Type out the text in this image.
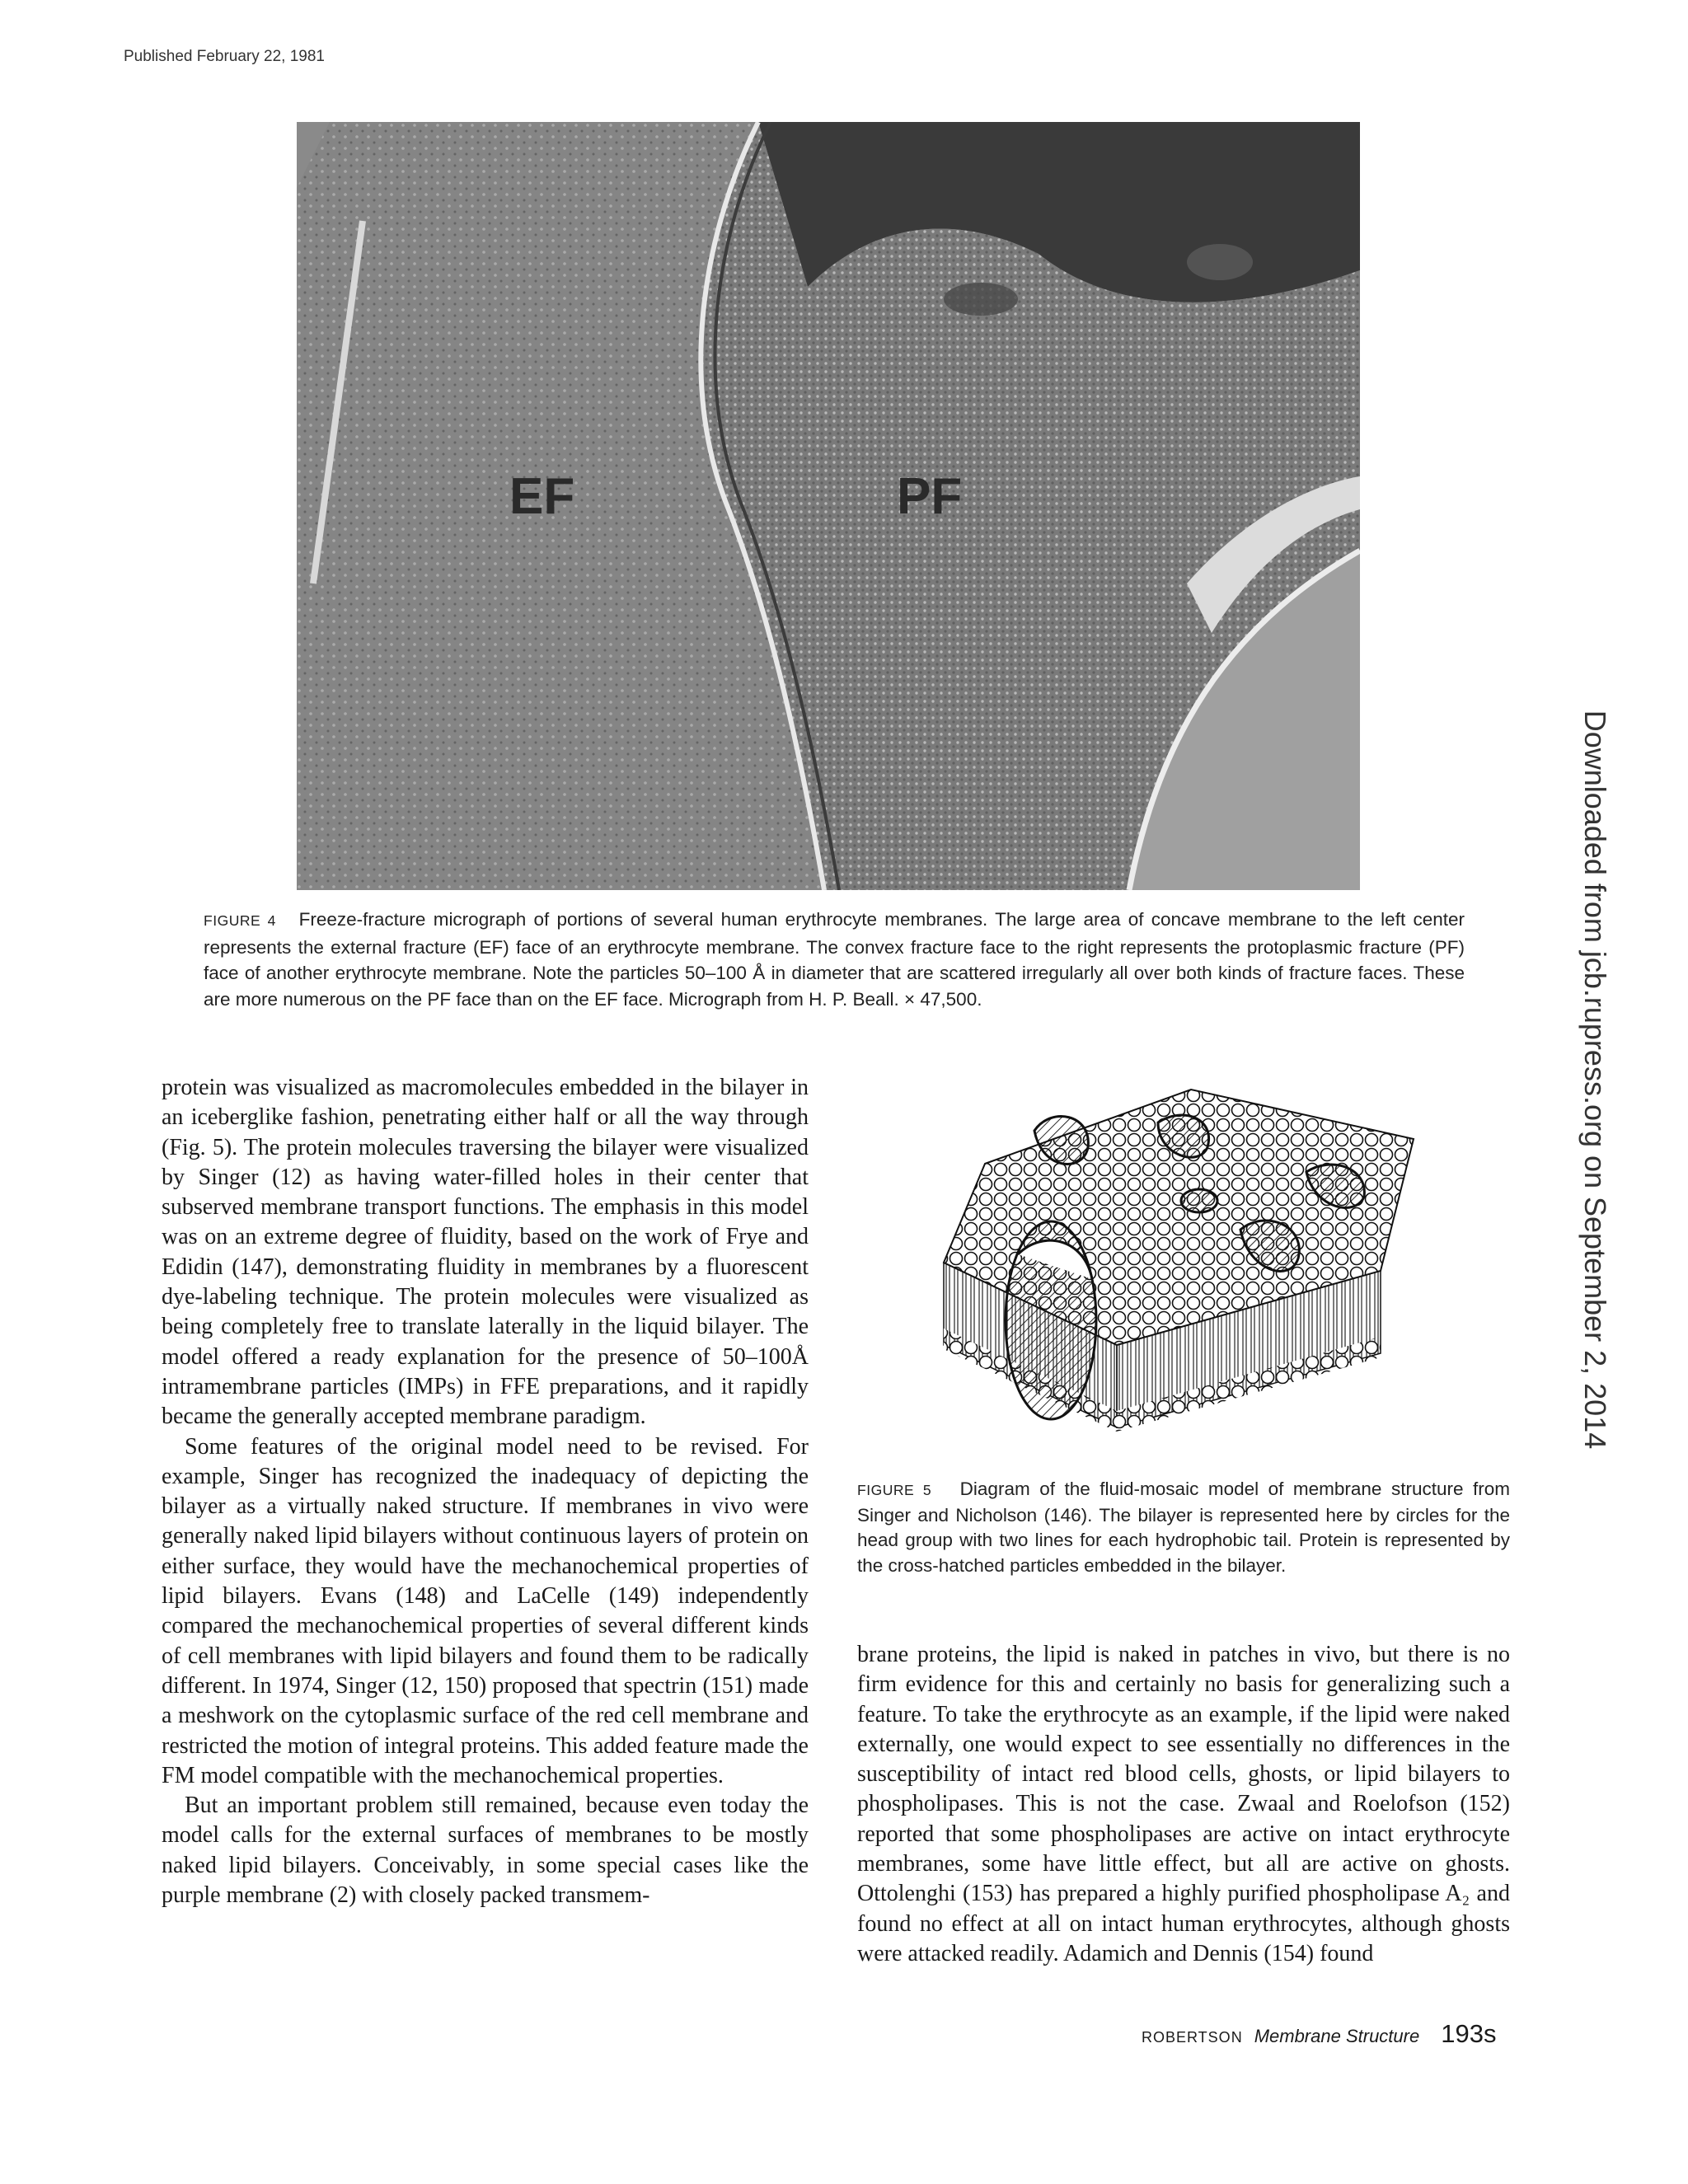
Published February 22, 1981
Downloaded from jcb.rupress.org on September 2, 2014
EF	PF
FIGURE 4 Freeze-fracture micrograph of portions of several human erythrocyte membranes. The large area of concave membrane to the left center represents the external fracture (EF) face of an erythrocyte membrane. The convex fracture face to the right represents the protoplasmic fracture (PF) face of another erythrocyte membrane. Note the particles 50–100 Å in diameter that are scattered irregularly all over both kinds of fracture faces. These are more numerous on the PF face than on the EF face. Micrograph from H. P. Beall. × 47,500.

protein was visualized as macromolecules embedded in the bilayer in an iceberglike fashion, penetrating either half or all the way through (Fig. 5). The protein molecules traversing the bilayer were visualized by Singer (12) as having water-filled holes in their center that subserved membrane transport functions. The emphasis in this model was on an extreme degree of fluidity, based on the work of Frye and Edidin (147), demonstrating fluidity in membranes by a fluorescent dye-labeling technique. The protein molecules were visualized as being completely free to translate laterally in the liquid bilayer. The model offered a ready explanation for the presence of 50–100Å intramembrane particles (IMPs) in FFE preparations, and it rapidly became the generally accepted membrane paradigm.

Some features of the original model need to be revised. For example, Singer has recognized the inadequacy of depicting the bilayer as a virtually naked structure. If membranes in vivo were generally naked lipid bilayers without continuous layers of protein on either surface, they would have the mechanochemical properties of lipid bilayers. Evans (148) and LaCelle (149) independently compared the mechanochemical properties of several different kinds of cell membranes with lipid bilayers and found them to be radically different. In 1974, Singer (12, 150) proposed that spectrin (151) made a meshwork on the cytoplasmic surface of the red cell membrane and restricted the motion of integral proteins. This added feature made the FM model compatible with the mechanochemical properties.

But an important problem still remained, because even today the model calls for the external surfaces of membranes to be mostly naked lipid bilayers. Conceivably, in some special cases like the purple membrane (2) with closely packed transmem-

FIGURE 5 Diagram of the fluid-mosaic model of membrane structure from Singer and Nicholson (146). The bilayer is represented here by circles for the head group with two lines for each hydrophobic tail. Protein is represented by the cross-hatched particles embedded in the bilayer.

brane proteins, the lipid is naked in patches in vivo, but there is no firm evidence for this and certainly no basis for generalizing such a feature. To take the erythrocyte as an example, if the lipid were naked externally, one would expect to see essentially no differences in the susceptibility of intact red blood cells, ghosts, or lipid bilayers to phospholipases. This is not the case. Zwaal and Roelofson (152) reported that some phospholipases are active on intact erythrocyte membranes, some have little effect, but all are active on ghosts. Ottolenghi (153) has prepared a highly purified phospholipase A₂ and found no effect at all on intact human erythrocytes, although ghosts were attacked readily. Adamich and Dennis (154) found

ROBERTSON Membrane Structure 193s
